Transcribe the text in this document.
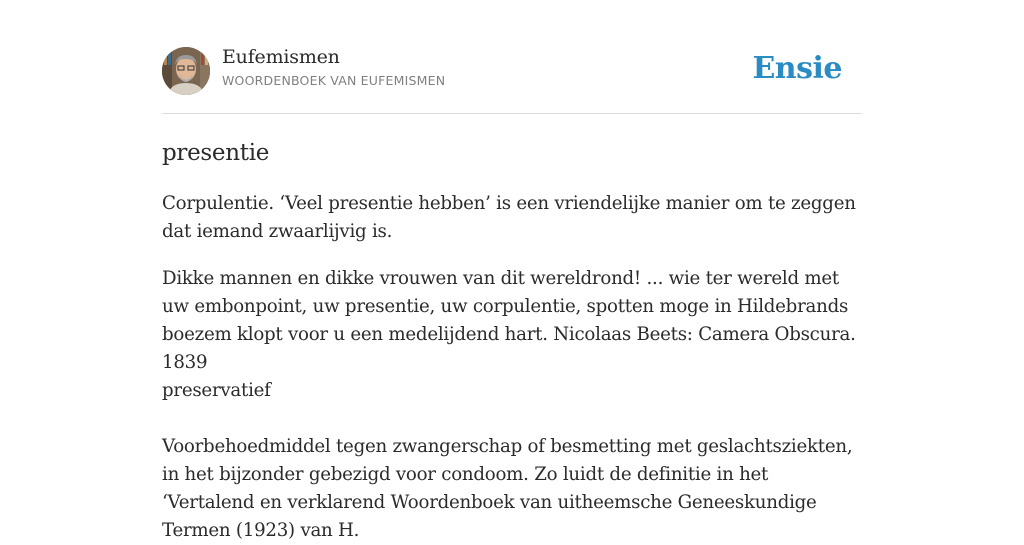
Eufemismen
WOORDENBOEK VAN EUFEMISMEN	Ensie
presentie

Corpulentie. ‘Veel presentie hebben’ is een vriendelijke manier om te zeggen dat iemand zwaarlijvig is.

Dikke mannen en dikke vrouwen van dit wereldrond! ... wie ter wereld met uw embonpoint, uw presentie, uw corpulentie, spotten moge in Hildebrands boezem klopt voor u een medelijdend hart. Nicolaas Beets: Camera Obscura. 1839

preservatief

Voorbehoedmiddel tegen zwangerschap of besmetting met geslachtsziekten, in het bijzonder gebezigd voor condoom. Zo luidt de definitie in het ‘Vertalend en verklarend Woordenboek van uitheemsche Geneeskundige Termen (1923) van H.
